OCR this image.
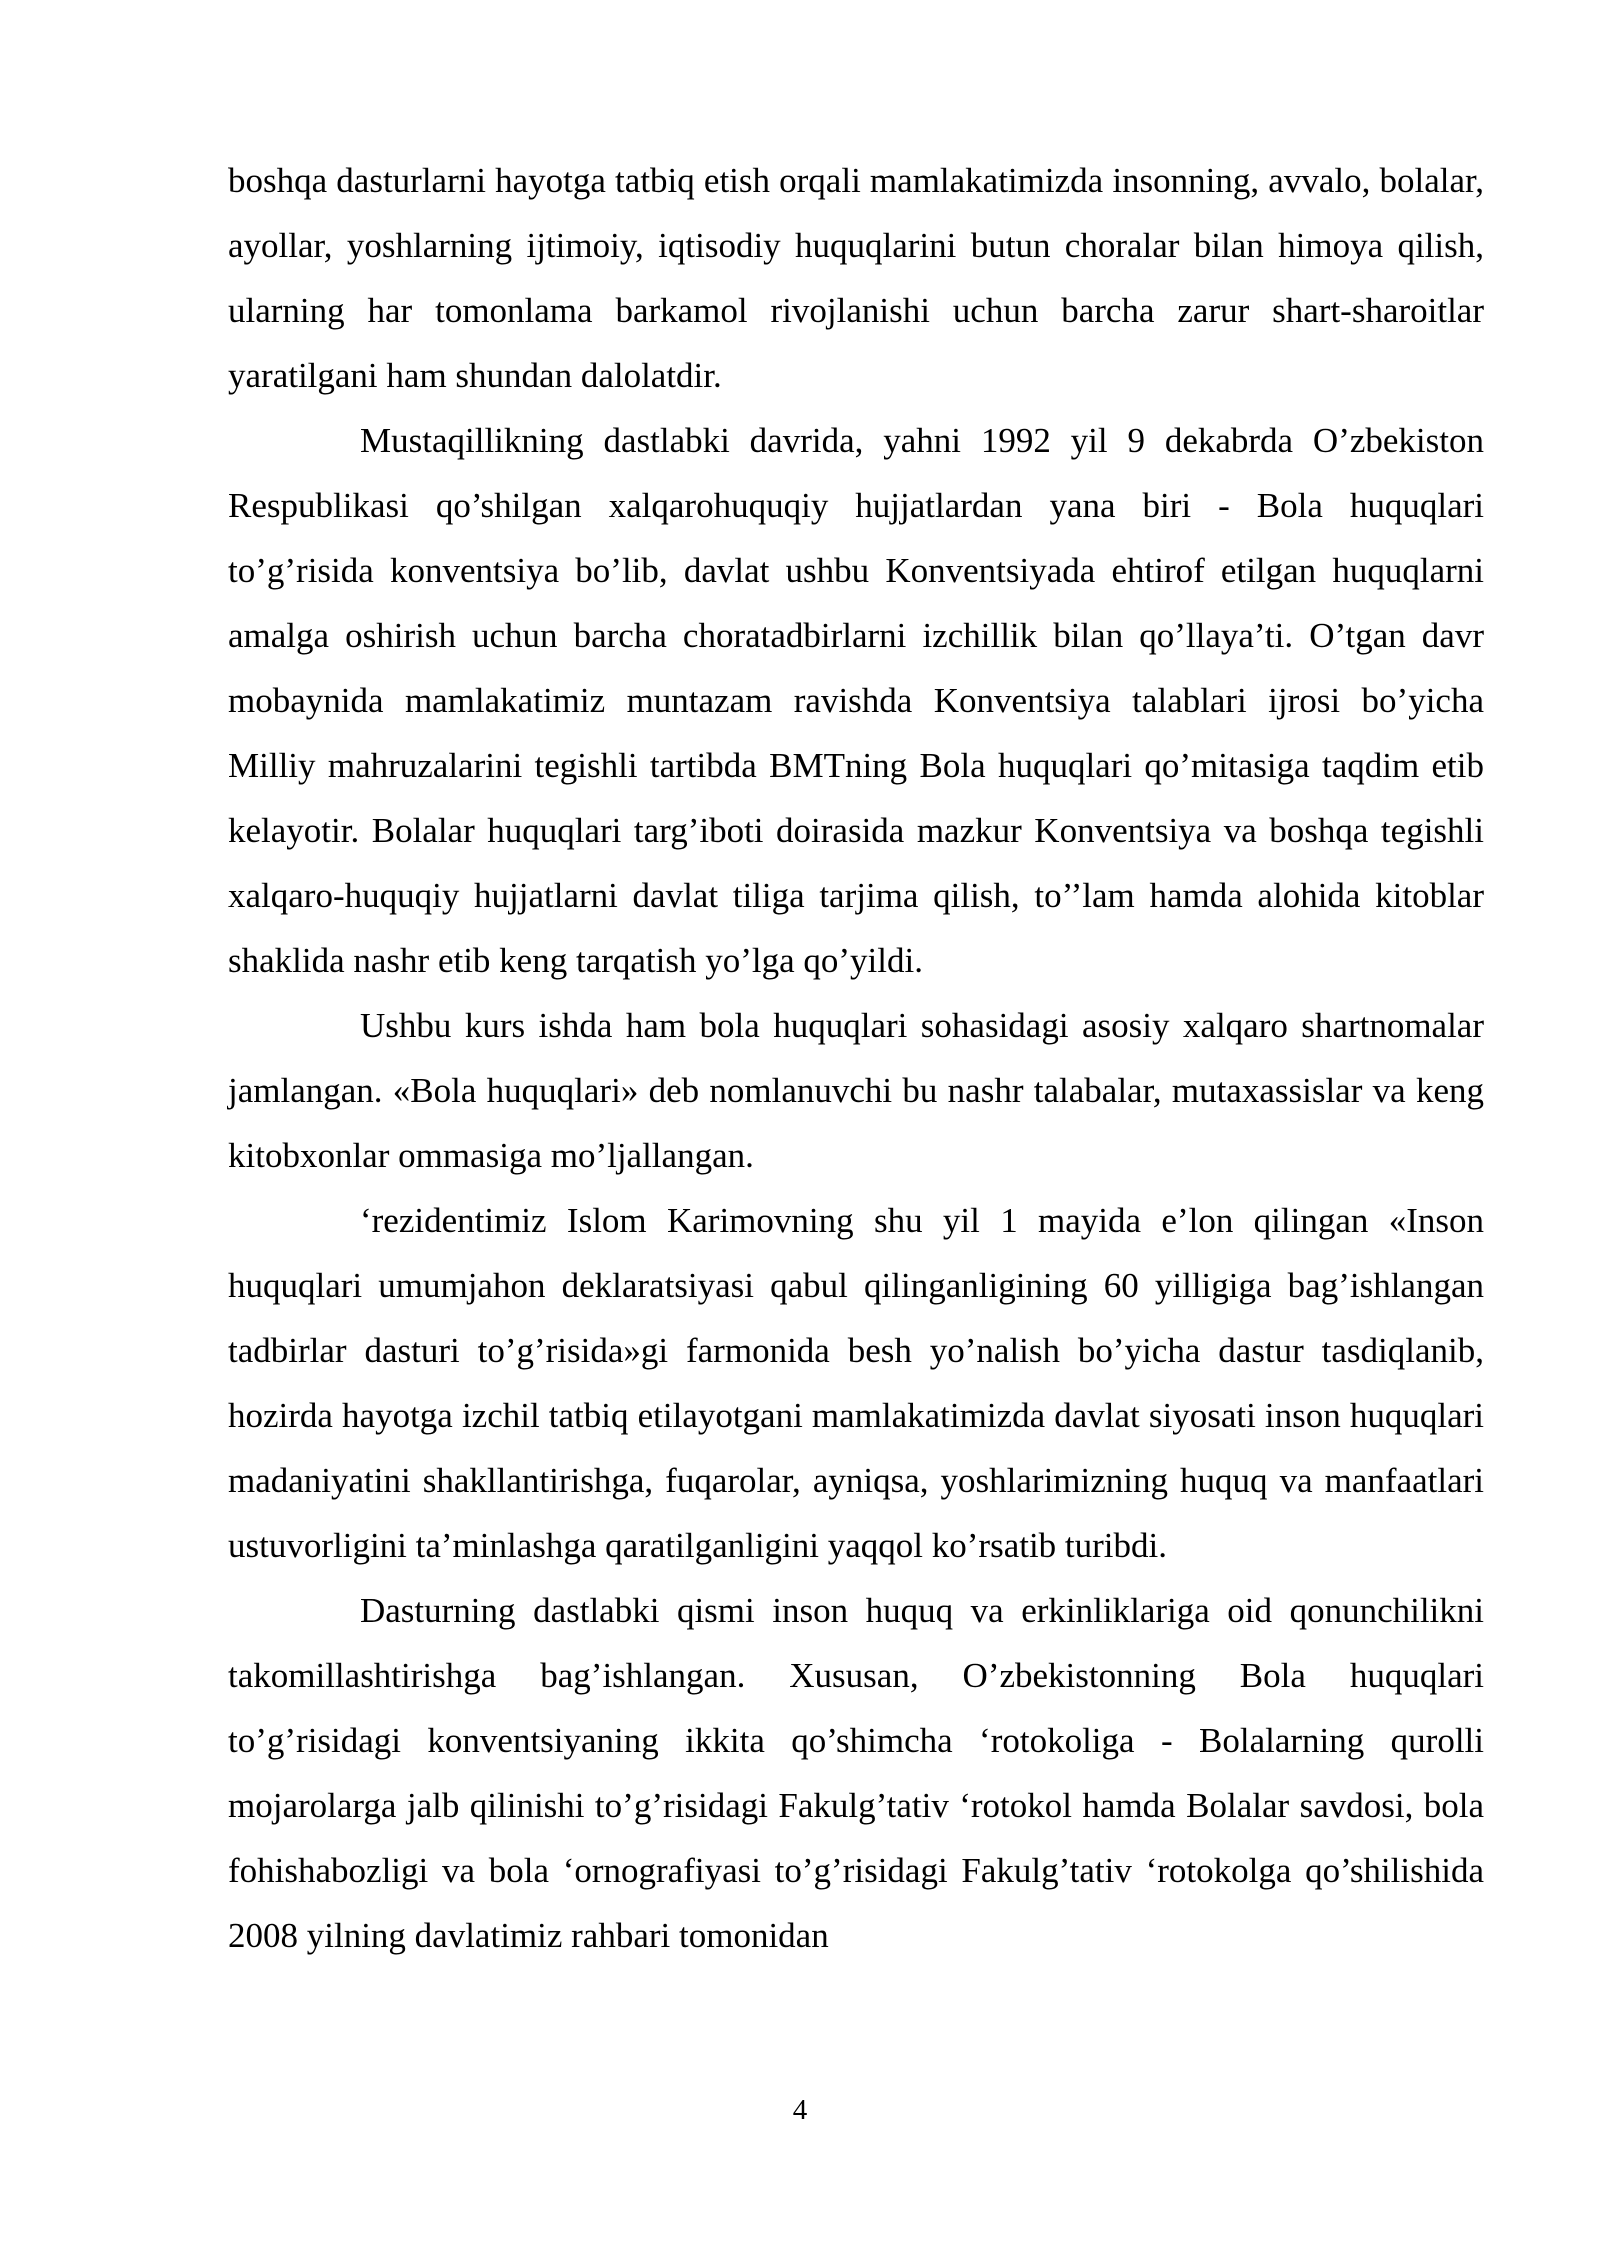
boshqa dasturlarni hayotga tatbiq etish orqali mamlakatimizda insonning, avvalo, bolalar, ayollar, yoshlarning ijtimoiy, iqtisodiy huquqlarini butun choralar bilan himoya qilish, ularning har tomonlama barkamol rivojlanishi uchun barcha zarur shart-sharoitlar yaratilgani ham shundan dalolatdir.

Mustaqillikning dastlabki davrida, yahni 1992 yil 9 dekabrda O’zbekiston Respublikasi qo’shilgan xalqarohuquqiy hujjatlardan yana biri - Bola huquqlari to’g’risida konventsiya bo’lib, davlat ushbu Konventsiyada ehtirof etilgan huquqlarni amalga oshirish uchun barcha choratadbirlarni izchillik bilan qo’llaya’ti. O’tgan davr mobaynida mamlakatimiz muntazam ravishda Konventsiya talablari ijrosi bo’yicha Milliy mahruzalarini tegishli tartibda BMTning Bola huquqlari qo’mitasiga taqdim etib kelayotir. Bolalar huquqlari targ’iboti doirasida mazkur Konventsiya va boshqa tegishli xalqaro-huquqiy hujjatlarni davlat tiliga tarjima qilish, to’’lam hamda alohida kitoblar shaklida nashr etib keng tarqatish yo’lga qo’yildi.

Ushbu kurs ishda ham bola huquqlari sohasidagi asosiy xalqaro shartnomalar jamlangan. «Bola huquqlari» deb nomlanuvchi bu nashr talabalar, mutaxassislar va keng kitobxonlar ommasiga mo’ljallangan.

‘rezidentimiz Islom Karimovning shu yil 1 mayida e’lon qilingan «Inson huquqlari umumjahon deklaratsiyasi qabul qilinganligining 60 yilligiga bag’ishlangan tadbirlar dasturi to’g’risida»gi farmonida besh yo’nalish bo’yicha dastur tasdiqlanib, hozirda hayotga izchil tatbiq etilayotgani mamlakatimizda davlat siyosati inson huquqlari madaniyatini shakllantirishga, fuqarolar, ayniqsa, yoshlarimizning huquq va manfaatlari ustuvorligini ta’minlashga qaratilganligini yaqqol ko’rsatib turibdi.

Dasturning dastlabki qismi inson huquq va erkinliklariga oid qonunchilikni takomillashtirishga bag’ishlangan. Xususan, O’zbekistonning Bola huquqlari to’g’risidagi konventsiyaning ikkita qo’shimcha ‘rotokoliga - Bolalarning qurolli mojarolarga jalb qilinishi to’g’risidagi Fakulg’tativ ‘rotokol hamda Bolalar savdosi, bola fohishabozligi va bola ‘ornografiyasi to’g’risidagi Fakulg’tativ ‘rotokolga qo’shilishida 2008 yilning davlatimiz rahbari tomonidan

4
